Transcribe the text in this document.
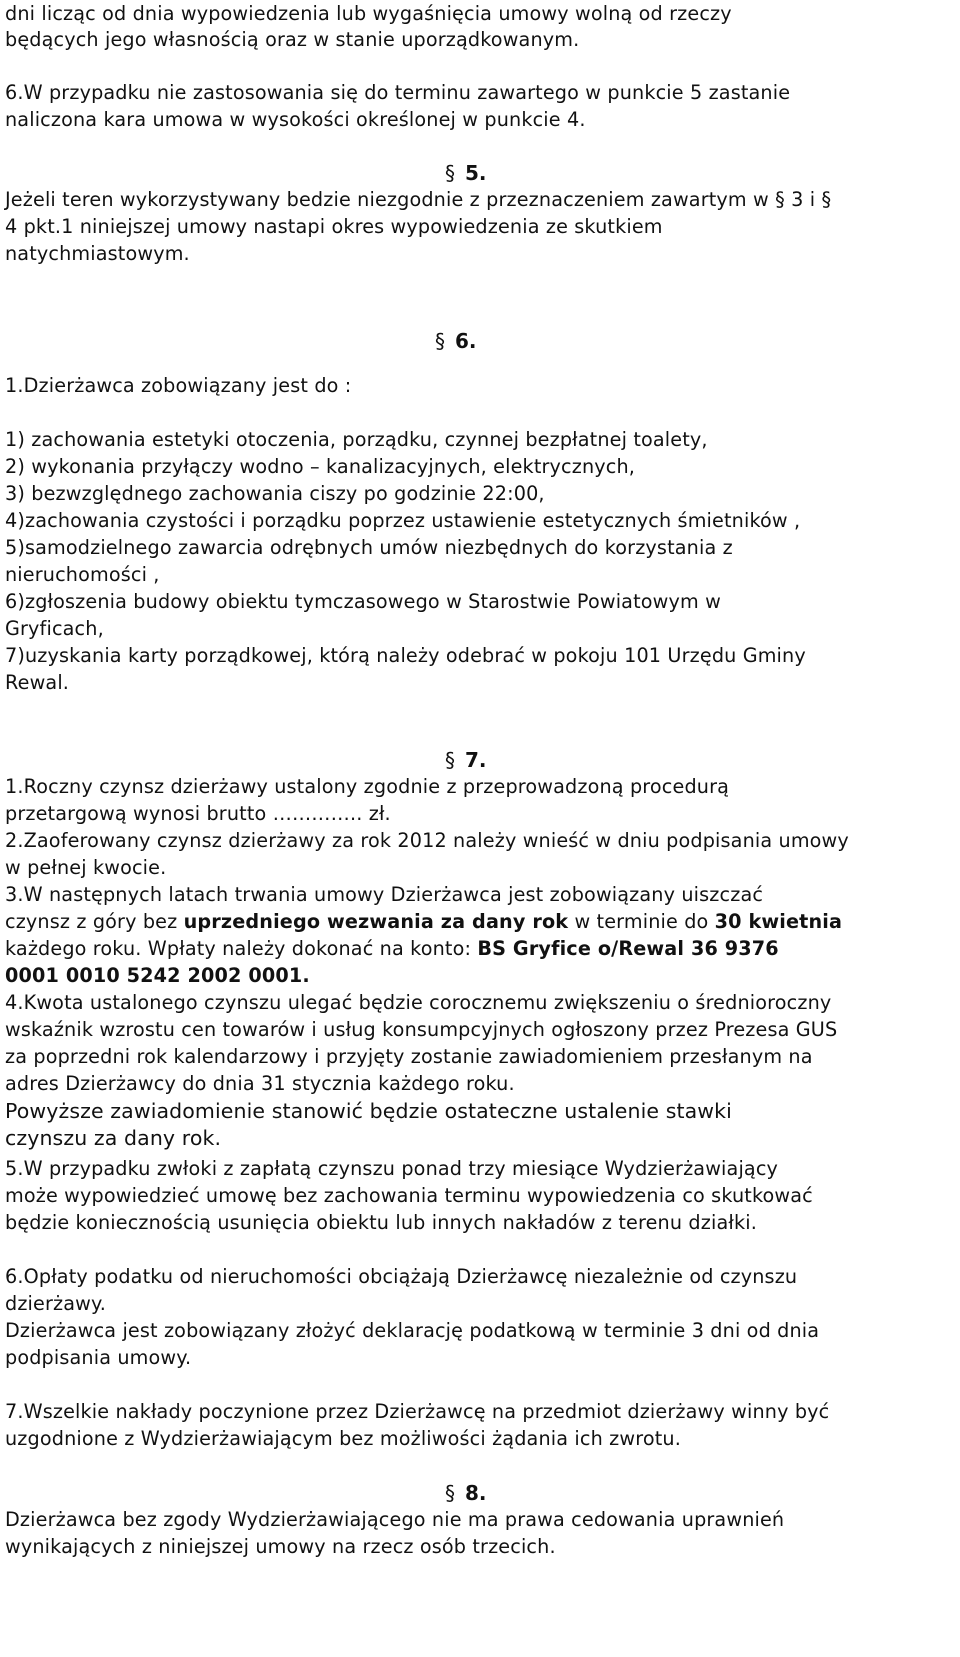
dni licząc od dnia wypowiedzenia lub wygaśnięcia umowy wolną od rzeczy
będących jego własnością oraz w stanie uporządkowanym.
6.W przypadku nie zastosowania się do terminu zawartego w punkcie 5 zastanie
naliczona kara umowa w wysokości określonej w punkcie 4.
§ 5.
Jeżeli teren wykorzystywany bedzie niezgodnie z przeznaczeniem zawartym w § 3 i §
4 pkt.1 niniejszej umowy nastapi okres wypowiedzenia ze skutkiem
natychmiastowym.
§ 6.
1.Dzierżawca zobowiązany jest do :
1) zachowania estetyki otoczenia, porządku, czynnej bezpłatnej toalety,
2) wykonania przyłączy wodno – kanalizacyjnych, elektrycznych,
3) bezwzględnego zachowania ciszy po godzinie 22:00,
4)zachowania czystości i porządku poprzez ustawienie estetycznych śmietników ,
5)samodzielnego zawarcia odrębnych umów niezbędnych do korzystania z
nieruchomości ,
6)zgłoszenia budowy obiektu tymczasowego w Starostwie Powiatowym w
Gryficach,
7)uzyskania karty porządkowej, którą należy odebrać w pokoju 101 Urzędu Gminy
Rewal.
§ 7.
1.Roczny czynsz dzierżawy ustalony zgodnie z przeprowadzoną procedurą
przetargową wynosi brutto ………….. zł.
2.Zaoferowany czynsz dzierżawy za rok 2012 należy wnieść w dniu podpisania umowy
w pełnej kwocie.
3.W następnych latach trwania umowy Dzierżawca jest zobowiązany uiszczać
czynsz z góry bez uprzedniego wezwania za dany rok w terminie do 30 kwietnia
każdego roku. Wpłaty należy dokonać na konto: BS Gryfice o/Rewal 36 9376
0001 0010 5242 2002 0001.
4.Kwota ustalonego czynszu ulegać będzie corocznemu zwiększeniu o średnioroczny
wskaźnik wzrostu cen towarów i usług konsumpcyjnych ogłoszony przez Prezesa GUS
za poprzedni rok kalendarzowy i przyjęty zostanie zawiadomieniem przesłanym na
adres Dzierżawcy do dnia 31 stycznia każdego roku.
Powyższe zawiadomienie stanowić będzie ostateczne ustalenie stawki
czynszu za dany rok.
5.W przypadku zwłoki z zapłatą czynszu ponad trzy miesiące Wydzierżawiający
może wypowiedzieć umowę bez zachowania terminu wypowiedzenia co skutkować
będzie koniecznością usunięcia obiektu lub innych nakładów z terenu działki.
6.Opłaty podatku od nieruchomości obciążają Dzierżawcę niezależnie od czynszu
dzierżawy.
Dzierżawca jest zobowiązany złożyć deklarację podatkową w terminie 3 dni od dnia
podpisania umowy.
7.Wszelkie nakłady poczynione przez Dzierżawcę na przedmiot dzierżawy winny być
uzgodnione z Wydzierżawiającym bez możliwości żądania ich zwrotu.
§ 8.
Dzierżawca bez zgody Wydzierżawiającego nie ma prawa cedowania uprawnień
wynikających z niniejszej umowy na rzecz osób trzecich.
